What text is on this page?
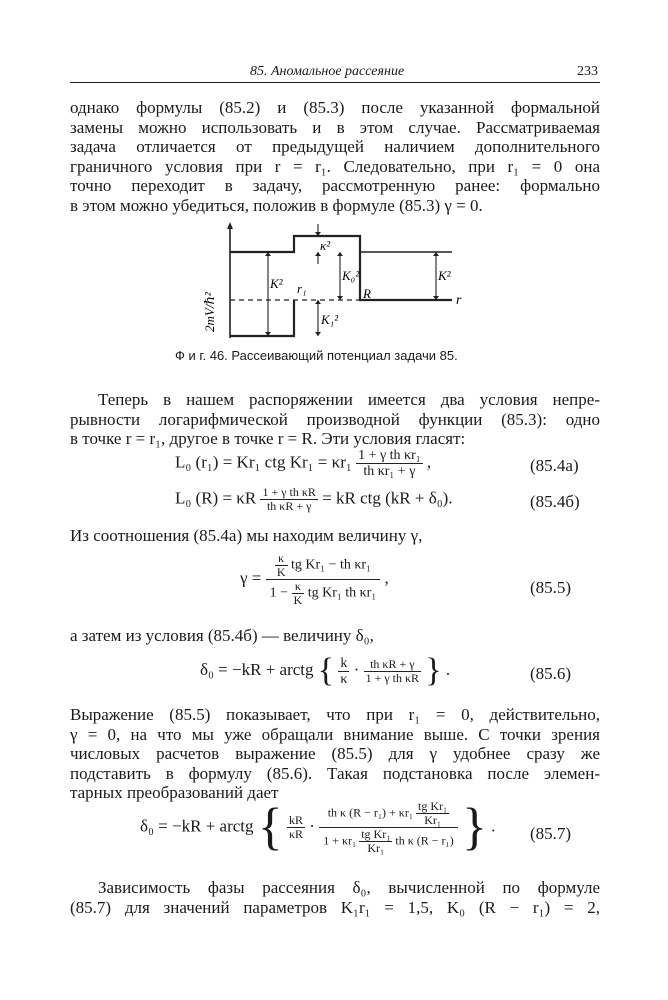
85. Аномальное рассеяние	233
однако формулы (85.2) и (85.3) после указанной формальной
замены можно использовать и в этом случае. Рассматриваемая
задача отличается от предыдущей наличием дополнительного
граничного условия при r = r₁. Следовательно, при r₁ = 0 она
точно переходит в задачу, рассмотренную ранее: формально
в этом можно убедиться, положив в формуле (85.3) γ = 0.
κ²
K²
K₀²
r₁	R
K₁²
K²
r
2mV/ℏ²
Ф и г. 46. Рассеивающий потенциал задачи 85.
Теперь в нашем распоряжении имеется два условия непре-
рывности логарифмической производной функции (85.3): одно
в точке r = r₁, другое в точке r = R. Эти условия гласят:
L₀ (r₁) = Kr₁ ctg $Kr_1 = \kappa r_1 \frac{\text{1 + γ th κr₁}}{\text{th κr₁ + γ}}$ ,	(85.4а)
L₀ (R) = κR $\frac{\text{1 + γ th κR}}{\text{th κR + γ}}$ = kR ctg (kR + δ₀).	(85.4б)
Из соотношения (85.4а) мы находим величину γ,
$\gamma = \frac{\frac{\kappa}{K} tg Kr_1 - th \kappa r_1}{1 - \frac{\kappa}{K} tg Kr_1 th \kappa r_1}$ ,
(85.5)
а затем из условия (85.4б) — величину δ₀,
δ₀ = −kR + arctg { $\frac{k}{\kappa} \cdot \frac{\text{th κR + γ}}{\text{1 + γ th κR}}$ } .	(85.6)
Выражение (85.5) показывает, что при r₁ = 0, действительно,
γ = 0, на что мы уже обращали внимание выше. С точки зрения
числовых расчетов выражение (85.5) для γ удобнее сразу же
подставить в формулу (85.6). Такая подстановка после элемен-
тарных преобразований дает
δ₀ = −kR + arctg { $\frac{kR}{\kappa R} \cdot \frac{th \kappa (R - r_1) + \kappa r_1 \frac{\text{tg Kr₁}}{\text{Kr₁}}}{1 + \kappa r_1 \frac{\text{tg Kr₁}}{\text{Kr₁}} th \kappa (R - r_1)}$ } . (85.7)
Зависимость фазы рассеяния δ₀, вычисленной по формуле
(85.7) для значений параметров K₁r₁ = 1,5, K₀ (R − r₁) = 2,
